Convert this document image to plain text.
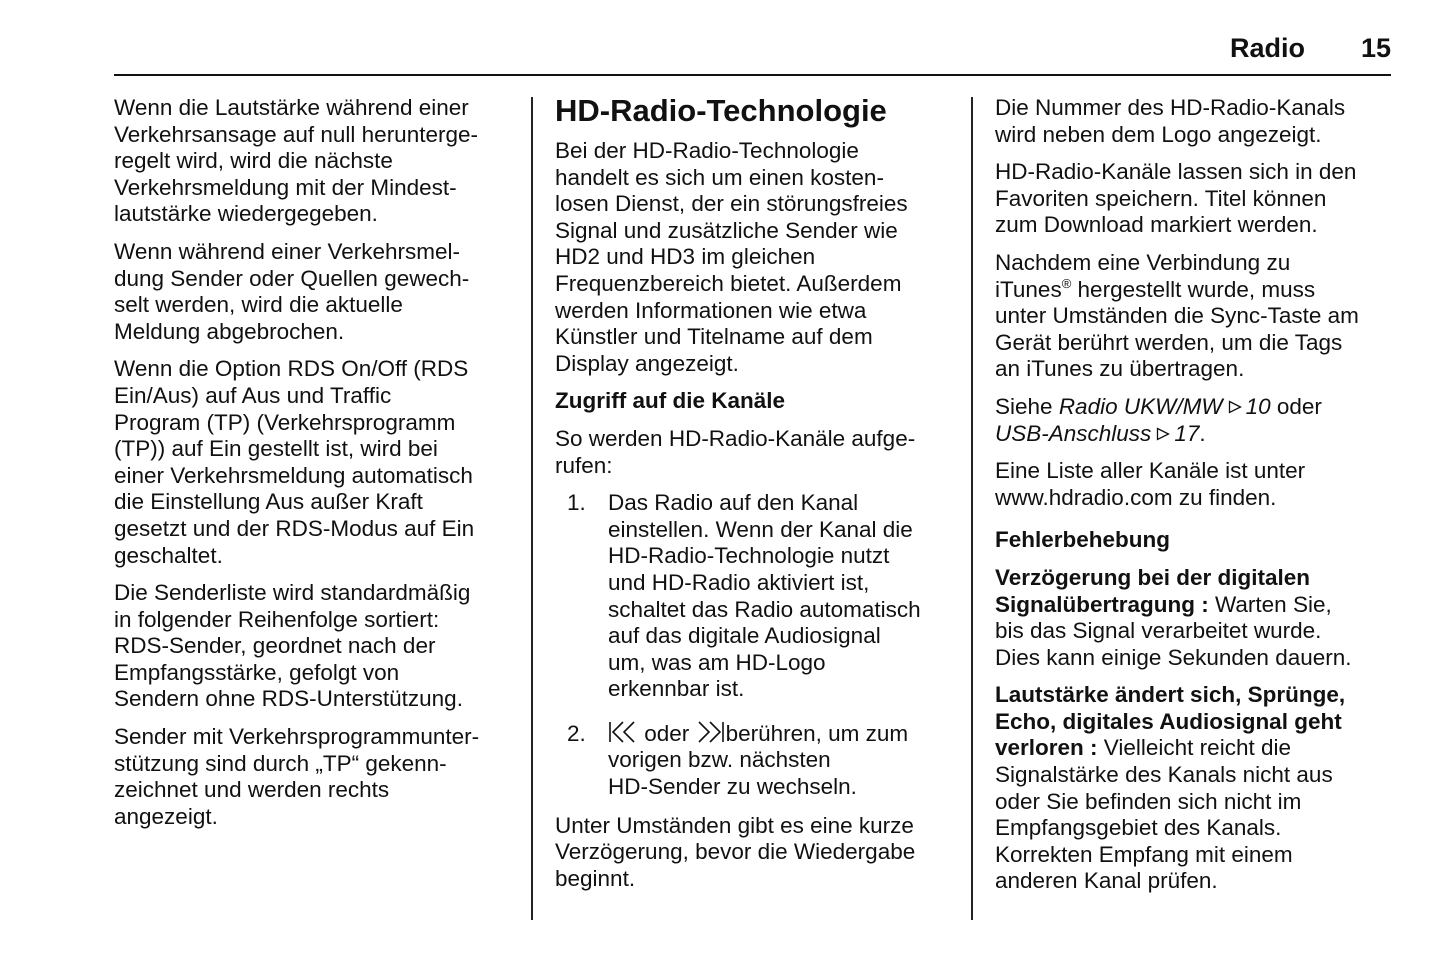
Radio 15

Wenn die Lautstärke während einer
Verkehrsansage auf null herunterge-
regelt wird, wird die nächste
Verkehrsmeldung mit der Mindest-
lautstärke wiedergegeben.

Wenn während einer Verkehrsmel-
dung Sender oder Quellen gewech-
selt werden, wird die aktuelle
Meldung abgebrochen.

Wenn die Option RDS On/Off (RDS
Ein/Aus) auf Aus und Traffic
Program (TP) (Verkehrsprogramm
(TP)) auf Ein gestellt ist, wird bei
einer Verkehrsmeldung automatisch
die Einstellung Aus außer Kraft
gesetzt und der RDS-Modus auf Ein
geschaltet.

Die Senderliste wird standardmäßig
in folgender Reihenfolge sortiert:
RDS-Sender, geordnet nach der
Empfangsstärke, gefolgt von
Sendern ohne RDS-Unterstützung.

Sender mit Verkehrsprogrammunter-
stützung sind durch „TP“ gekenn-
zeichnet und werden rechts
angezeigt.

HD-Radio-Technologie

Bei der HD-Radio-Technologie
handelt es sich um einen kosten-
losen Dienst, der ein störungsfreies
Signal und zusätzliche Sender wie
HD2 und HD3 im gleichen
Frequenzbereich bietet. Außerdem
werden Informationen wie etwa
Künstler und Titelname auf dem
Display angezeigt.

Zugriff auf die Kanäle

So werden HD-Radio-Kanäle aufge-
rufen:

1. Das Radio auf den Kanal
einstellen. Wenn der Kanal die
HD-Radio-Technologie nutzt
und HD-Radio aktiviert ist,
schaltet das Radio automatisch
auf das digitale Audiosignal
um, was am HD-Logo
erkennbar ist.
2.	oder berühren, um zum
vorigen bzw. nächsten
HD-Sender zu wechseln.

Unter Umständen gibt es eine kurze
Verzögerung, bevor die Wiedergabe
beginnt.

Die Nummer des HD-Radio-Kanals
wird neben dem Logo angezeigt.

HD-Radio-Kanäle lassen sich in den
Favoriten speichern. Titel können
zum Download markiert werden.

Nachdem eine Verbindung zu
iTunes® hergestellt wurde, muss
unter Umständen die Sync-Taste am
Gerät berührt werden, um die Tags
an iTunes zu übertragen.

Siehe Radio UKW/MW 10 oder
USB-Anschluss 17.

Eine Liste aller Kanäle ist unter
www.hdradio.com zu finden.

Fehlerbehebung

Verzögerung bei der digitalen
Signalübertragung : Warten Sie,
bis das Signal verarbeitet wurde.
Dies kann einige Sekunden dauern.

Lautstärke ändert sich, Sprünge,
Echo, digitales Audiosignal geht
verloren : Vielleicht reicht die
Signalstärke des Kanals nicht aus
oder Sie befinden sich nicht im
Empfangsgebiet des Kanals.
Korrekten Empfang mit einem
anderen Kanal prüfen.
